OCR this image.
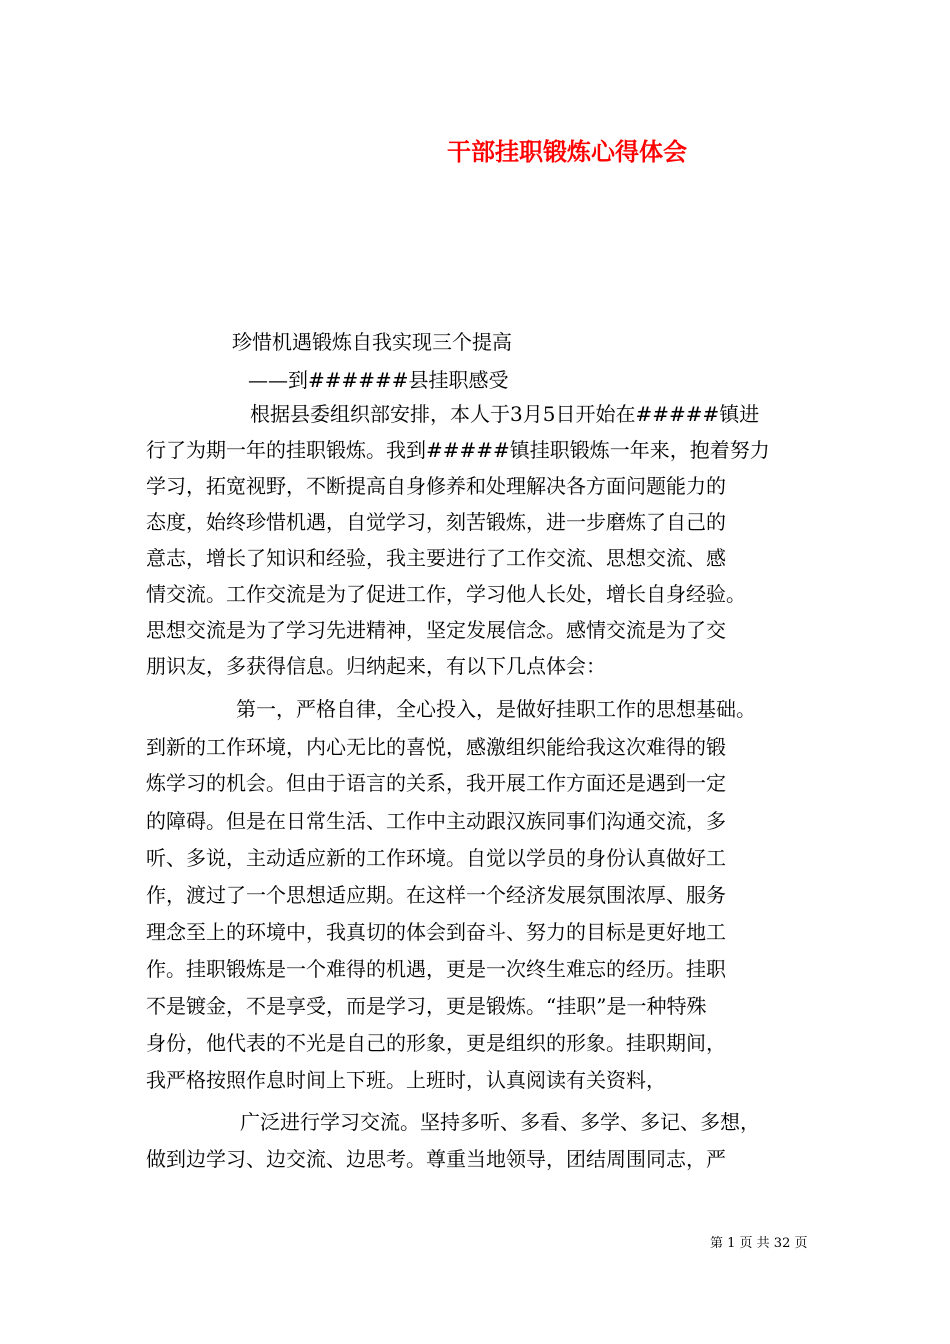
干部挂职锻炼心得体会
珍惜机遇锻炼自我实现三个提高
——到######县挂职感受
根据县委组织部安排，本人于3月5日开始在#####镇进
行了为期一年的挂职锻炼。我到#####镇挂职锻炼一年来，抱着努力
学习，拓宽视野，不断提高自身修养和处理解决各方面问题能力的
态度，始终珍惜机遇，自觉学习，刻苦锻炼，进一步磨炼了自己的
意志，增长了知识和经验，我主要进行了工作交流、思想交流、感
情交流。工作交流是为了促进工作，学习他人长处，增长自身经验。
思想交流是为了学习先进精神，坚定发展信念。感情交流是为了交
朋识友，多获得信息。归纳起来，有以下几点体会：
第一，严格自律，全心投入，是做好挂职工作的思想基础。
到新的工作环境，内心无比的喜悦，感激组织能给我这次难得的锻
炼学习的机会。但由于语言的关系，我开展工作方面还是遇到一定
的障碍。但是在日常生活、工作中主动跟汉族同事们沟通交流，多
听、多说，主动适应新的工作环境。自觉以学员的身份认真做好工
作，渡过了一个思想适应期。在这样一个经济发展氛围浓厚、服务
理念至上的环境中，我真切的体会到奋斗、努力的目标是更好地工
作。挂职锻炼是一个难得的机遇，更是一次终生难忘的经历。挂职
不是镀金，不是享受，而是学习，更是锻炼。“挂职”是一种特殊
身份，他代表的不光是自己的形象，更是组织的形象。挂职期间，
我严格按照作息时间上下班。上班时，认真阅读有关资料，
广泛进行学习交流。坚持多听、多看、多学、多记、多想，
做到边学习、边交流、边思考。尊重当地领导，团结周围同志，严
第 1 页 共 32 页
